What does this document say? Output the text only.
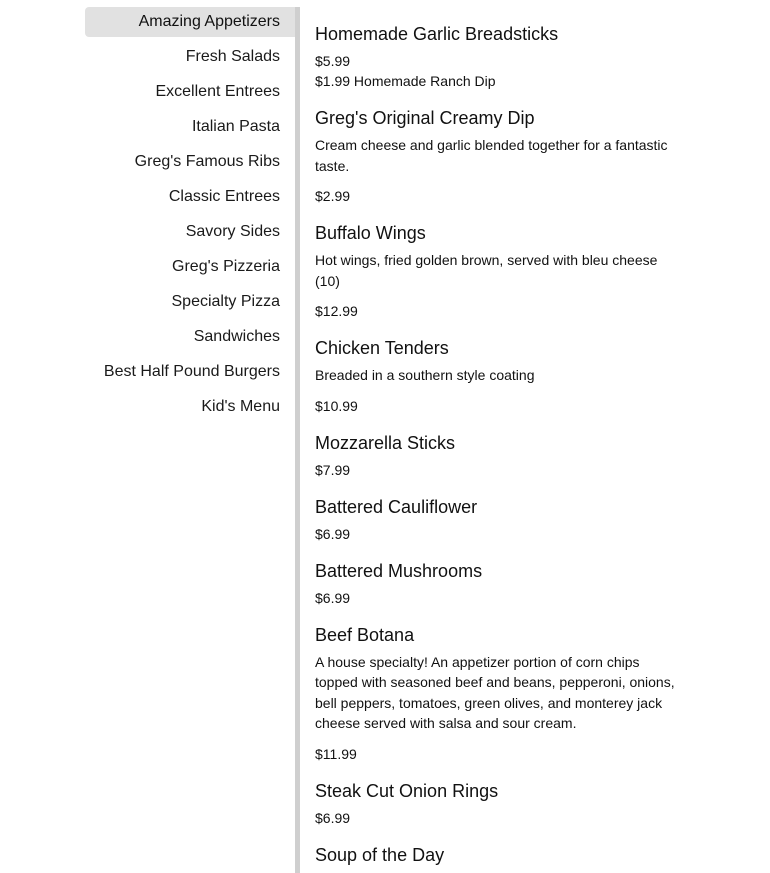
Amazing Appetizers
Fresh Salads
Excellent Entrees
Italian Pasta
Greg's Famous Ribs
Classic Entrees
Savory Sides
Greg's Pizzeria
Specialty Pizza
Sandwiches
Best Half Pound Burgers
Kid's Menu
Homemade Garlic Breadsticks

$5.99

$1.99 Homemade Ranch Dip

Greg's Original Creamy Dip

Cream cheese and garlic blended together for a fantastic taste.

$2.99

Buffalo Wings

Hot wings, fried golden brown, served with bleu cheese (10)

$12.99

Chicken Tenders

Breaded in a southern style coating

$10.99

Mozzarella Sticks

$7.99

Battered Cauliflower

$6.99

Battered Mushrooms

$6.99

Beef Botana

A house specialty! An appetizer portion of corn chips topped with seasoned beef and beans, pepperoni, onions, bell peppers, tomatoes, green olives, and monterey jack cheese served with salsa and sour cream.

$11.99

Steak Cut Onion Rings

$6.99

Soup of the Day
